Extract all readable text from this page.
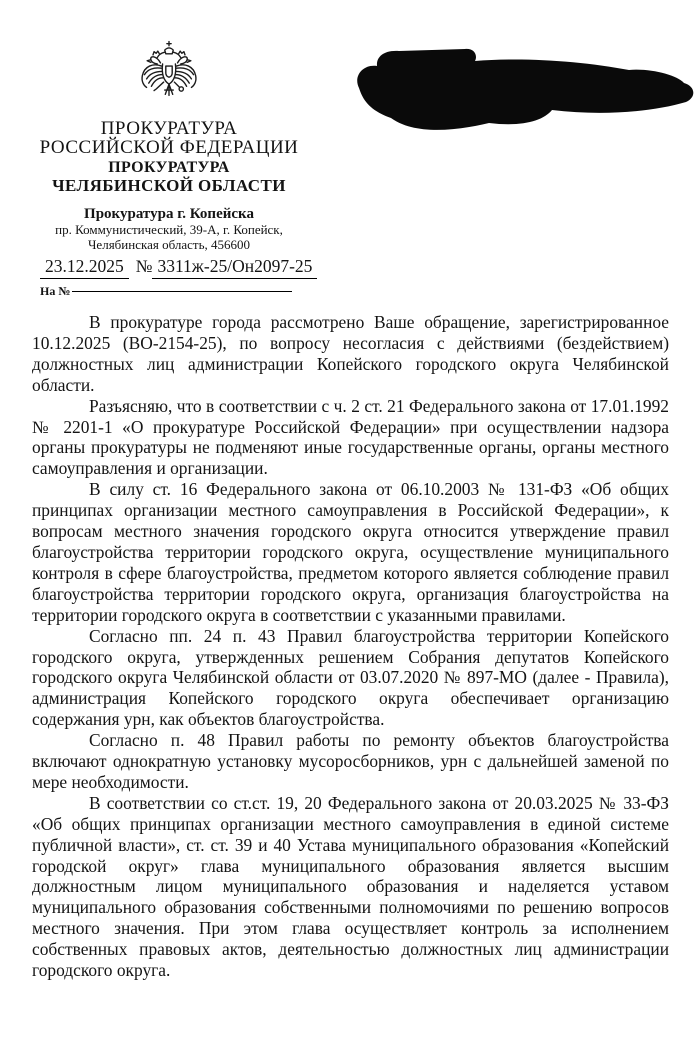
ПРОКУРАТУРА
РОССИЙСКОЙ ФЕДЕРАЦИИ
ПРОКУРАТУРА
ЧЕЛЯБИНСКОЙ ОБЛАСТИ
Прокуратура г. Копейска
пр. Коммунистический, 39-А, г. Копейск,
Челябинская область, 456600
23.12.2025 № 3311ж-25/Он2097-25
На №

В прокуратуре города рассмотрено Ваше обращение, зарегистрированное 10.12.2025 (ВО-2154-25), по вопросу несогласия с действиями (бездействием) должностных лиц администрации Копейского городского округа Челябинской области.

Разъясняю, что в соответствии с ч. 2 ст. 21 Федерального закона от 17.01.1992 № 2201-1 «О прокуратуре Российской Федерации» при осуществлении надзора органы прокуратуры не подменяют иные государственные органы, органы местного самоуправления и организации.

В силу ст. 16 Федерального закона от 06.10.2003 № 131-ФЗ «Об общих принципах организации местного самоуправления в Российской Федерации», к вопросам местного значения городского округа относится утверждение правил благоустройства территории городского округа, осуществление муниципального контроля в сфере благоустройства, предметом которого является соблюдение правил благоустройства территории городского округа, организация благоустройства на территории городского округа в соответствии с указанными правилами.

Согласно пп. 24 п. 43 Правил благоустройства территории Копейского городского округа, утвержденных решением Собрания депутатов Копейского городского округа Челябинской области от 03.07.2020 № 897-МО (далее - Правила), администрация Копейского городского округа обеспечивает организацию содержания урн, как объектов благоустройства.

Согласно п. 48 Правил работы по ремонту объектов благоустройства включают однократную установку мусоросборников, урн с дальнейшей заменой по мере необходимости.

В соответствии со ст.ст. 19, 20 Федерального закона от 20.03.2025 № 33-ФЗ «Об общих принципах организации местного самоуправления в единой системе публичной власти», ст. ст. 39 и 40 Устава муниципального образования «Копейский городской округ» глава муниципального образования является высшим должностным лицом муниципального образования и наделяется уставом муниципального образования собственными полномочиями по решению вопросов местного значения. При этом глава осуществляет контроль за исполнением собственных правовых актов, деятельностью должностных лиц администрации городского округа.
